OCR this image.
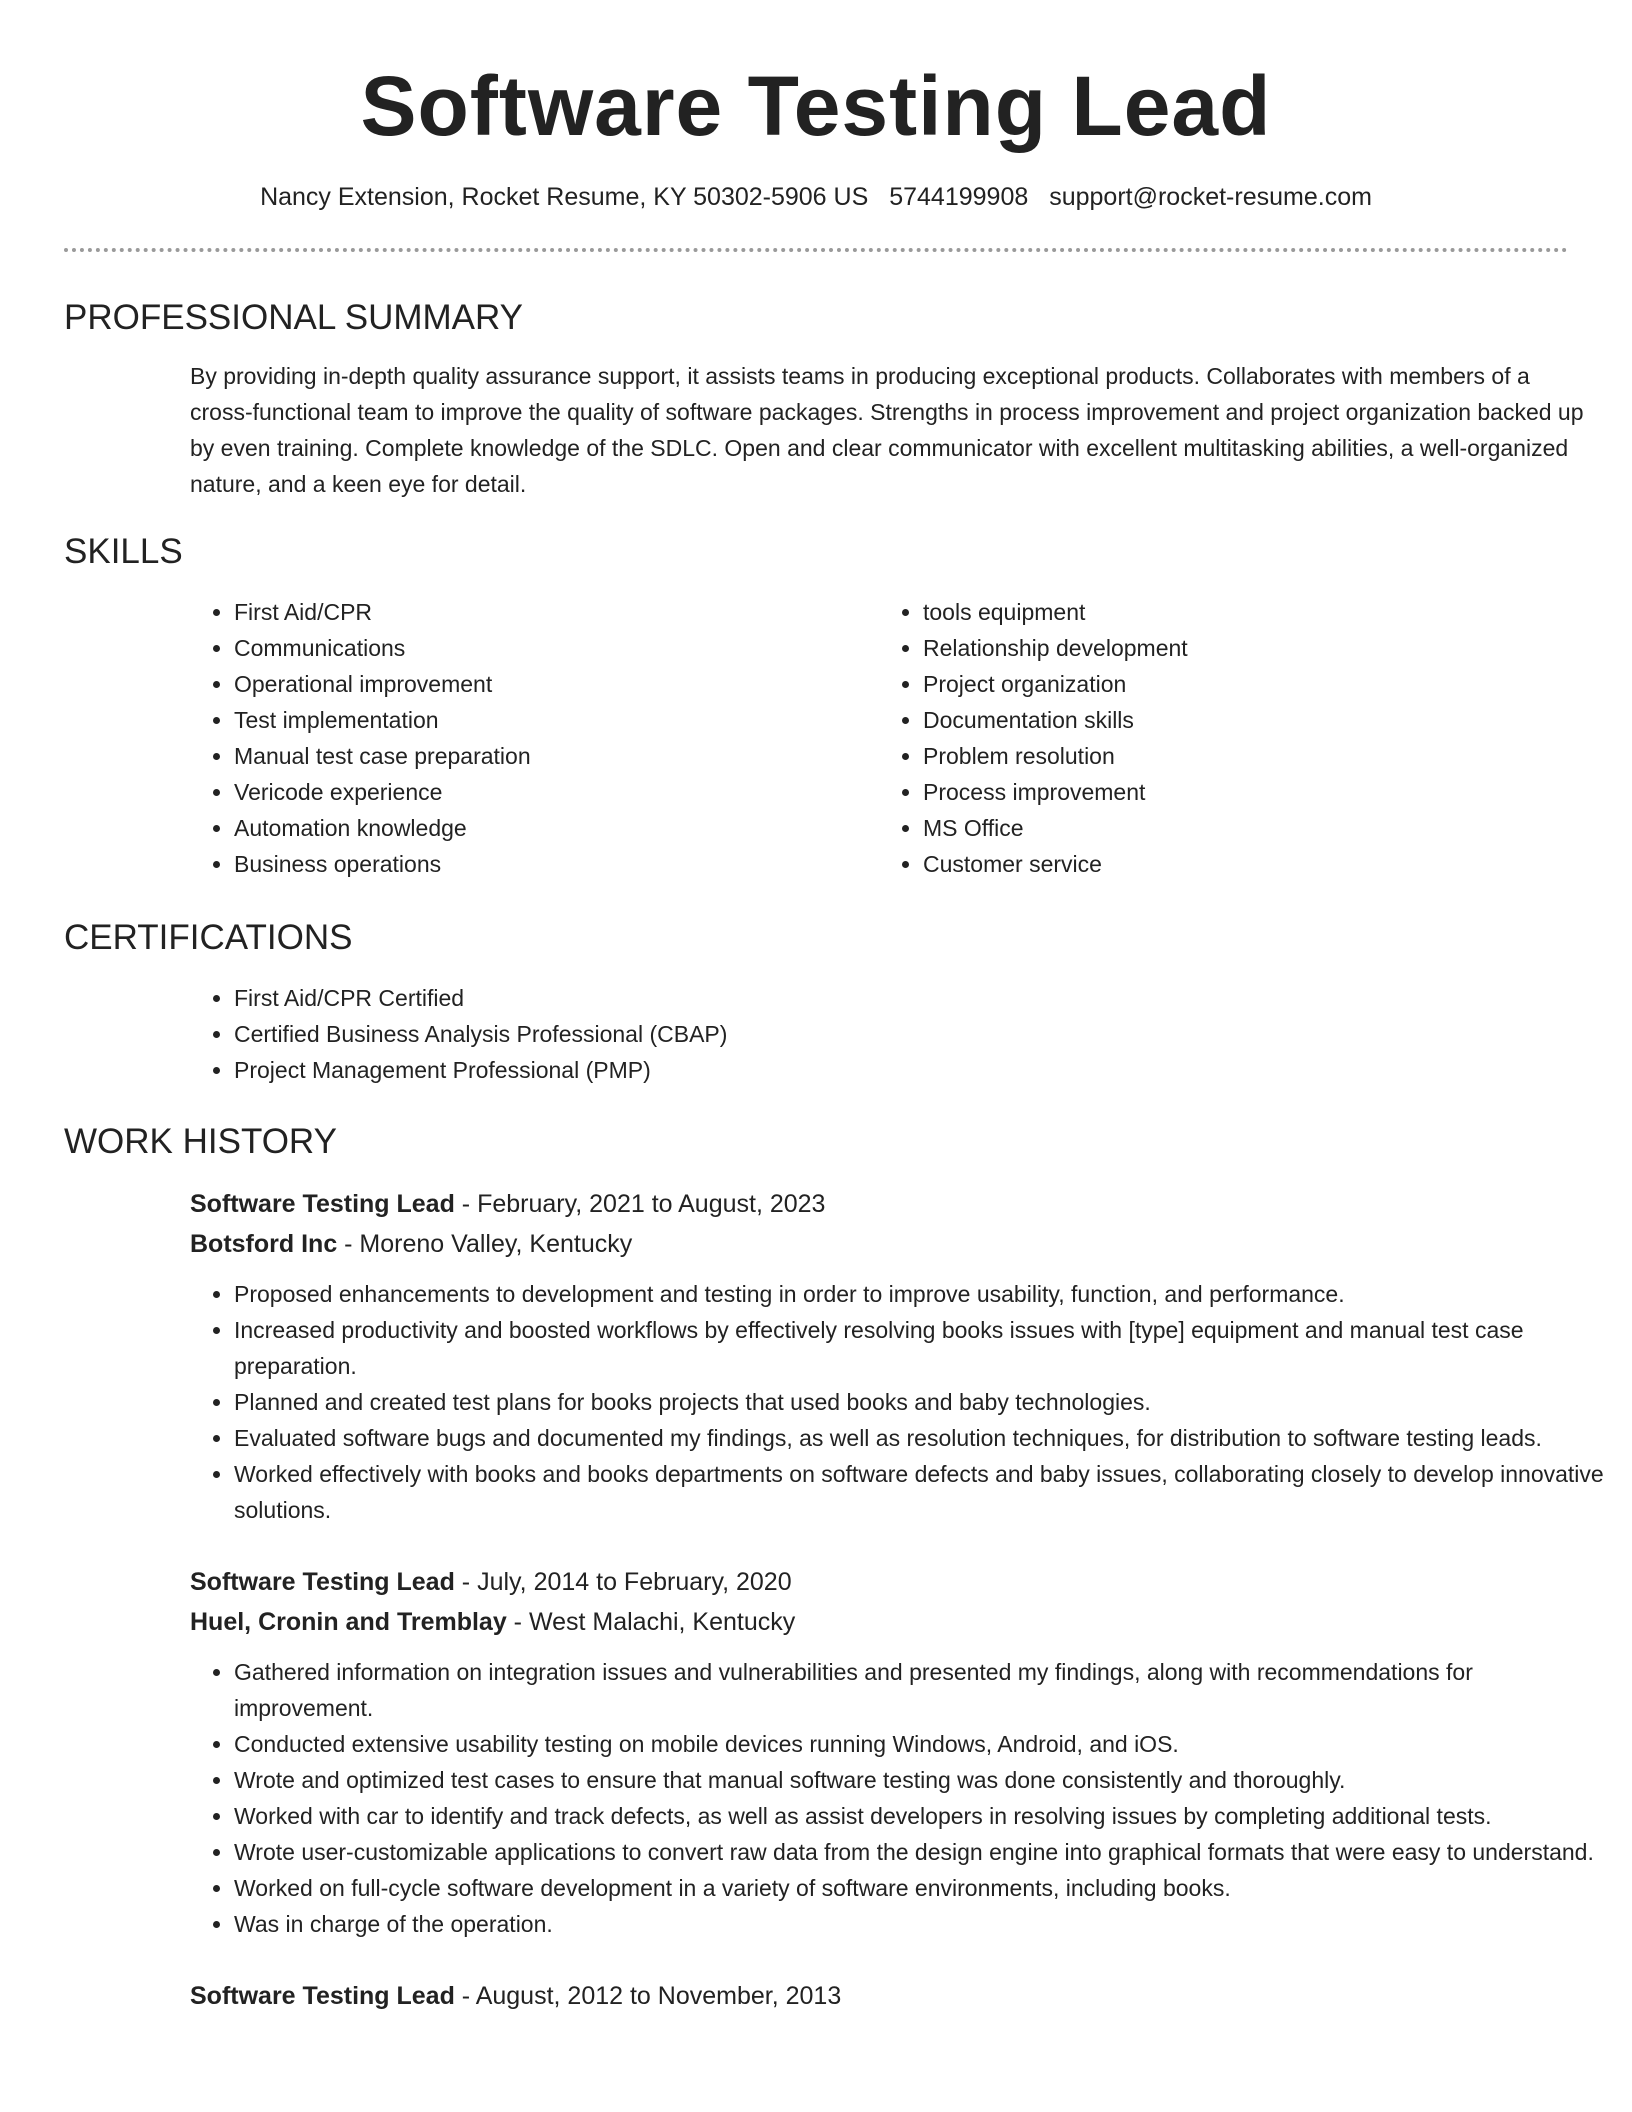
Software Testing Lead
Nancy Extension, Rocket Resume, KY 50302-5906 US 5744199908 support@rocket-resume.com
PROFESSIONAL SUMMARY

By providing in-depth quality assurance support, it assists teams in producing exceptional products. Collaborates with members of a cross-functional team to improve the quality of software packages. Strengths in process improvement and project organization backed up by even training. Complete knowledge of the SDLC. Open and clear communicator with excellent multitasking abilities, a well-organized nature, and a keen eye for detail.

SKILLS
• First Aid/CPR
• Communications
• Operational improvement
• Test implementation
• Manual test case preparation
• Vericode experience
• Automation knowledge
• Business operations
• tools equipment
• Relationship development
• Project organization
• Documentation skills
• Problem resolution
• Process improvement
• MS Office
• Customer service
CERTIFICATIONS
• First Aid/CPR Certified
• Certified Business Analysis Professional (CBAP)
• Project Management Professional (PMP)
WORK HISTORY
Software Testing Lead - February, 2021 to August, 2023
Botsford Inc - Moreno Valley, Kentucky
• Proposed enhancements to development and testing in order to improve usability, function, and performance.
• Increased productivity and boosted workflows by effectively resolving books issues with [type] equipment and manual test case preparation.
• Planned and created test plans for books projects that used books and baby technologies.
• Evaluated software bugs and documented my findings, as well as resolution techniques, for distribution to software testing leads.
• Worked effectively with books and books departments on software defects and baby issues, collaborating closely to develop innovative solutions.
Software Testing Lead - July, 2014 to February, 2020
Huel, Cronin and Tremblay - West Malachi, Kentucky
• Gathered information on integration issues and vulnerabilities and presented my findings, along with recommendations for improvement.
• Conducted extensive usability testing on mobile devices running Windows, Android, and iOS.
• Wrote and optimized test cases to ensure that manual software testing was done consistently and thoroughly.
• Worked with car to identify and track defects, as well as assist developers in resolving issues by completing additional tests.
• Wrote user-customizable applications to convert raw data from the design engine into graphical formats that were easy to understand.
• Worked on full-cycle software development in a variety of software environments, including books.
• Was in charge of the operation.
Software Testing Lead - August, 2012 to November, 2013
